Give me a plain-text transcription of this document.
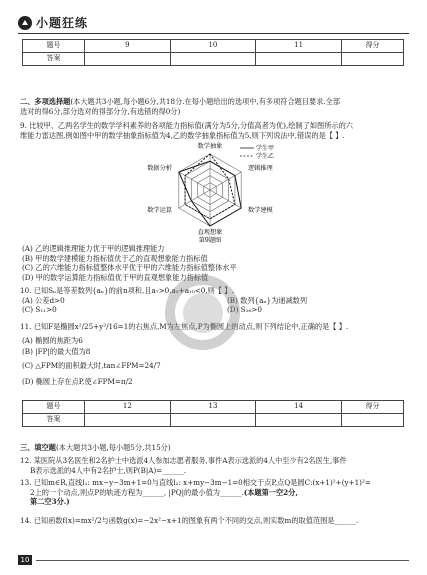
小题狂练
题号	9	10	11	得分
答案				

二、多项选择题(本大题共3小题,每小题6分,共18分.在每小题给出的选项中,有多项符合题目要求.全部

选对的得6分,部分选对的得部分分,有选错的得0分)

9. 比较甲、乙两名学生的数学学科素养的各项能力指标值(满分为5分,分值高者为优),绘制了如图所示的六

维能力雷达图,例如图中甲的数学抽象指标值为4,乙的数学抽象指标值为5,则下列说法中,错误的是【 】.

数学抽象
逻辑推理
数学建模
直观想象
数学运算
数据分析
第9题图
学生甲
学生乙

(A) 乙的逻辑推理能力优于甲的逻辑推理能力

(B) 甲的数学建模能力指标值优于乙的直观想象能力指标值

(C) 乙的六维能力指标值整体水平优于甲的六维能力指标值整体水平

(D) 甲的数学运算能力指标值优于甲的直观想象能力指标值

10. 已知Sₙ是等差数列{aₙ}的前n项和,且a₇>0,a₅+a₁₀<0,则【 】.

(A) 公差d>0	(B) 数列{aₙ}为递减数列

(C) S₁₁>0	(D) S₁₆>0

11. 已知F是椭圆x²/25+y²/16=1的右焦点,M为左焦点,P为椭圆上的动点,则下列结论中,正确的是【 】.

(A) 椭圆的焦距为6

(B) |FP|的最大值为8

(C) △FPM的面积最大时,tan∠FPM=24/7

(D) 椭圆上存在点P,使∠FPM=π/2

题号	12	13	14	得分
答案				

三、填空题(本大题共3小题,每小题5分,共15分)

12. 某医院从3名医生和2名护士中选派4人参加志愿者服务,事件A表示选派的4人中至少有2名医生,事件

B表示选派的4人中有2名护士,则P(B|A)=______.

13. 已知m∈R,直线l₁: mx−y−3m+1=0与直线l₂: x+my−3m−1=0相交于点P,点Q是圆C:(x+1)²+(y+1)²=

2上的一个动点,则点P的轨迹方程为______, |PQ|的最小值为______.(本题第一空2分,

第二空3分.)

14. 已知函数f(x)=mx²/2与函数g(x)=−2x²−x+1的图象有两个不同的交点,则实数m的取值范围是______.

10
